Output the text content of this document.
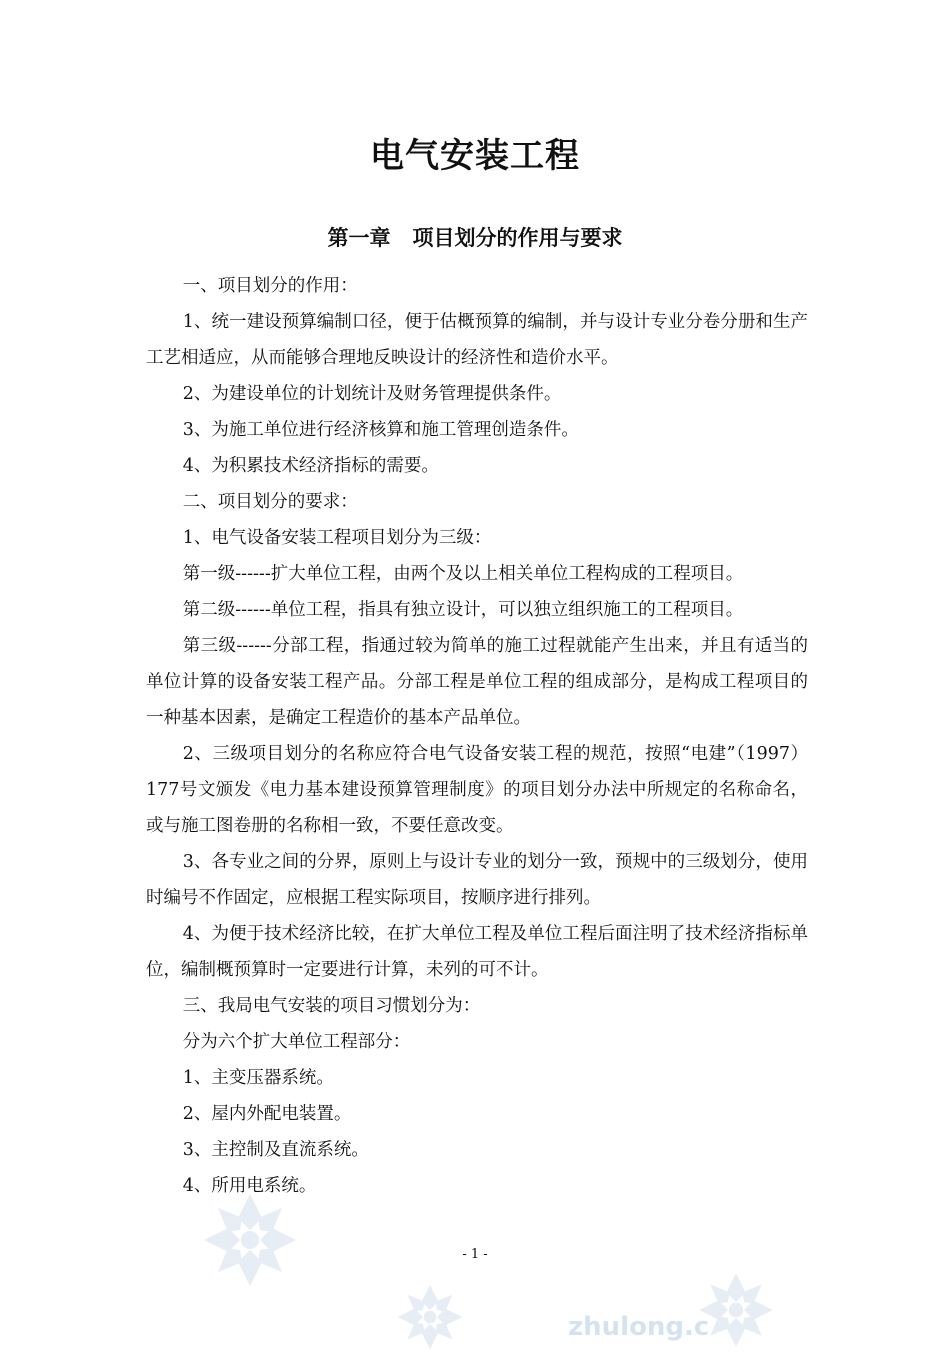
电气安装工程
第一章 项目划分的作用与要求

一、项目划分的作用：

1、统一建设预算编制口径，便于估概预算的编制，并与设计专业分卷分册和生产工艺相适应，从而能够合理地反映设计的经济性和造价水平。

2、为建设单位的计划统计及财务管理提供条件。

3、为施工单位进行经济核算和施工管理创造条件。

4、为积累技术经济指标的需要。

二、项目划分的要求：

1、电气设备安装工程项目划分为三级：

第一级------扩大单位工程，由两个及以上相关单位工程构成的工程项目。

第二级------单位工程，指具有独立设计，可以独立组织施工的工程项目。

第三级------分部工程，指通过较为简单的施工过程就能产生出来，并且有适当的单位计算的设备安装工程产品。分部工程是单位工程的组成部分，是构成工程项目的一种基本因素，是确定工程造价的基本产品单位。

2、三级项目划分的名称应符合电气设备安装工程的规范，按照“电建”（1997）177号文颁发《电力基本建设预算管理制度》的项目划分办法中所规定的名称命名，或与施工图卷册的名称相一致，不要任意改变。

3、各专业之间的分界，原则上与设计专业的划分一致，预规中的三级划分，使用时编号不作固定，应根据工程实际项目，按顺序进行排列。

4、为便于技术经济比较，在扩大单位工程及单位工程后面注明了技术经济指标单位，编制概预算时一定要进行计算，未列的可不计。

三、我局电气安装的项目习惯划分为：

分为六个扩大单位工程部分：

1、主变压器系统。

2、屋内外配电装置。

3、主控制及直流系统。

4、所用电系统。

- 1 -
zhulong.c
